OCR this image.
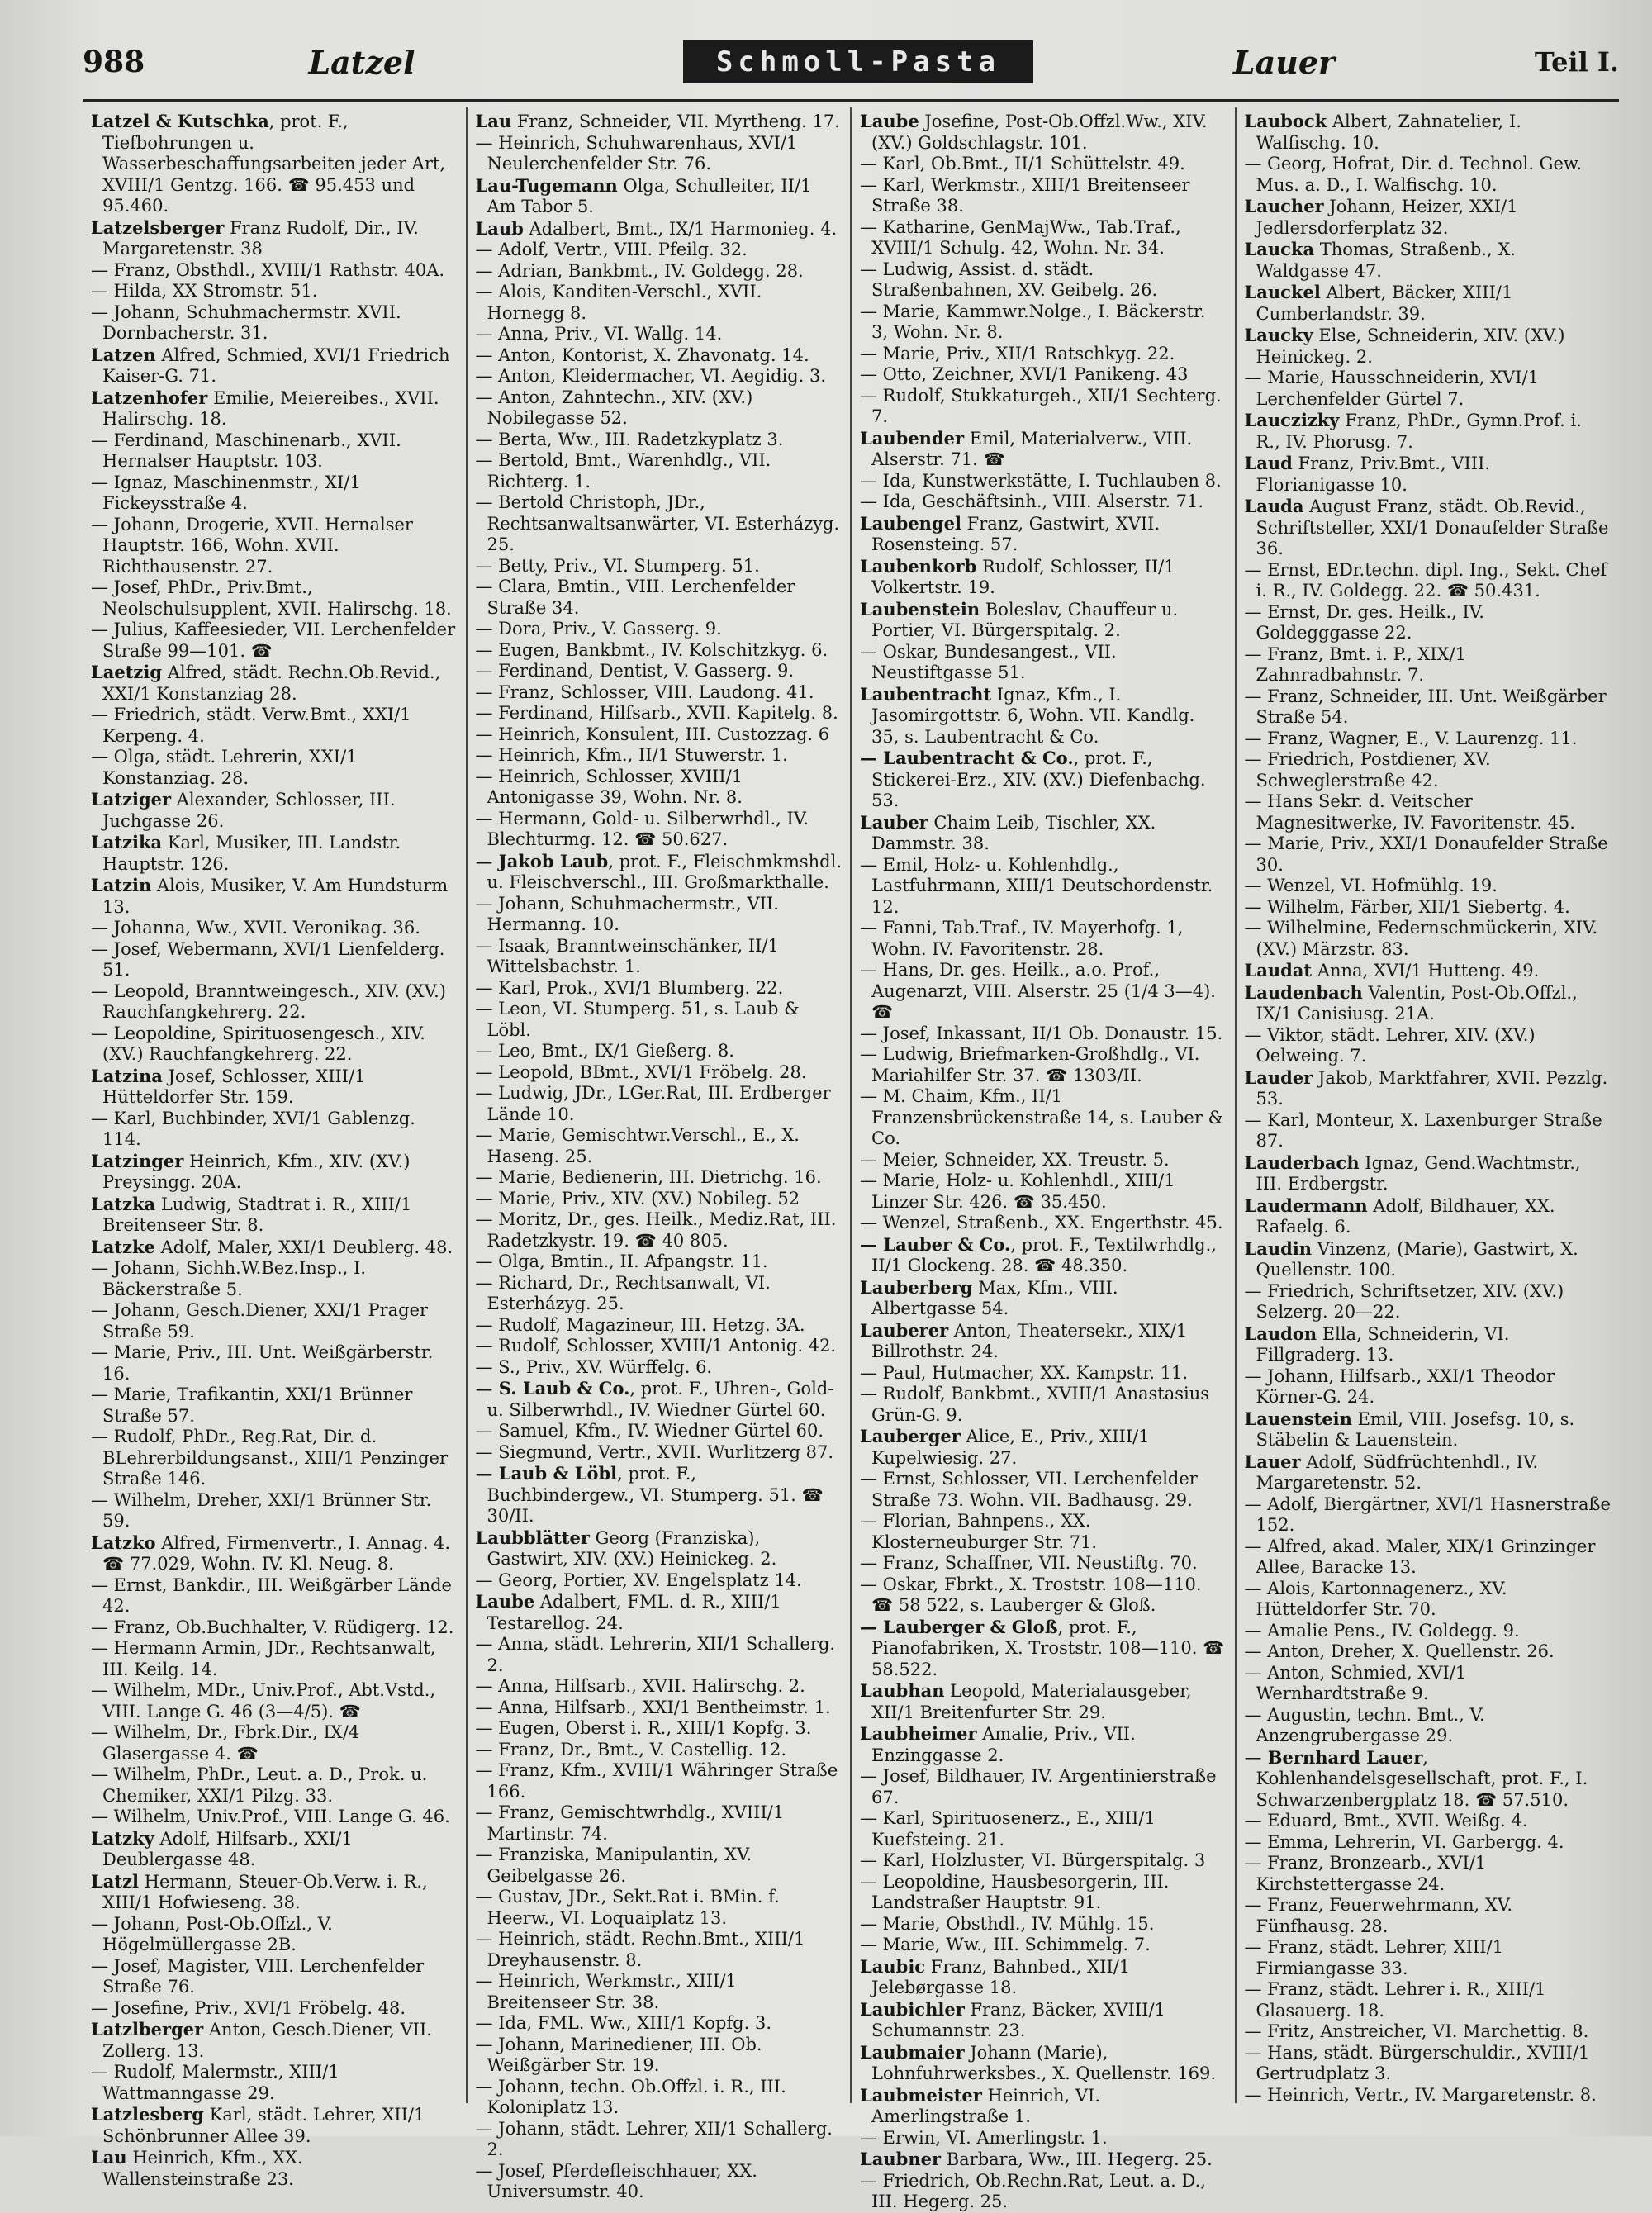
988	Latzel	Schmoll-Pasta	Lauer	Teil I.

Latzel & Kutschka, prot. F., Tiefbohrungen u. Wasserbeschaffungsarbeiten jeder Art, XVIII/1 Gentzg. 166. ☎ 95.453 und 95.460.

Latzelsberger Franz Rudolf, Dir., IV. Margaretenstr. 38

— Franz, Obsthdl., XVIII/1 Rathstr. 40A.

— Hilda, XX Stromstr. 51.

— Johann, Schuhmachermstr. XVII. Dornbacherstr. 31.

Latzen Alfred, Schmied, XVI/1 Friedrich Kaiser-G. 71.

Latzenhofer Emilie, Meiereibes., XVII. Halirschg. 18.

— Ferdinand, Maschinenarb., XVII. Hernalser Hauptstr. 103.

— Ignaz, Maschinenmstr., XI/1 Fickeysstraße 4.

— Johann, Drogerie, XVII. Hernalser Hauptstr. 166, Wohn. XVII. Richthausenstr. 27.

— Josef, PhDr., Priv.Bmt., Neolschulsupplent, XVII. Halirschg. 18.

— Julius, Kaffeesieder, VII. Lerchenfelder Straße 99—101. ☎

Laetzig Alfred, städt. Rechn.Ob.Revid., XXI/1 Konstanziag 28.

— Friedrich, städt. Verw.Bmt., XXI/1 Kerpeng. 4.

— Olga, städt. Lehrerin, XXI/1 Konstanziag. 28.

Latziger Alexander, Schlosser, III. Juchgasse 26.

Latzika Karl, Musiker, III. Landstr. Hauptstr. 126.

Latzin Alois, Musiker, V. Am Hundsturm 13.

— Johanna, Ww., XVII. Veronikag. 36.

— Josef, Webermann, XVI/1 Lienfelderg. 51.

— Leopold, Branntweingesch., XIV. (XV.) Rauchfangkehrerg. 22.

— Leopoldine, Spirituosengesch., XIV. (XV.) Rauchfangkehrerg. 22.

Latzina Josef, Schlosser, XIII/1 Hütteldorfer Str. 159.

— Karl, Buchbinder, XVI/1 Gablenzg. 114.

Latzinger Heinrich, Kfm., XIV. (XV.) Preysingg. 20A.

Latzka Ludwig, Stadtrat i. R., XIII/1 Breitenseer Str. 8.

Latzke Adolf, Maler, XXI/1 Deublerg. 48.

— Johann, Sichh.W.Bez.Insp., I. Bäckerstraße 5.

— Johann, Gesch.Diener, XXI/1 Prager Straße 59.

— Marie, Priv., III. Unt. Weißgärberstr. 16.

— Marie, Trafikantin, XXI/1 Brünner Straße 57.

— Rudolf, PhDr., Reg.Rat, Dir. d. BLehrerbildungsanst., XIII/1 Penzinger Straße 146.

— Wilhelm, Dreher, XXI/1 Brünner Str. 59.

Latzko Alfred, Firmenvertr., I. Annag. 4. ☎ 77.029, Wohn. IV. Kl. Neug. 8.

— Ernst, Bankdir., III. Weißgärber Lände 42.

— Franz, Ob.Buchhalter, V. Rüdigerg. 12.

— Hermann Armin, JDr., Rechtsanwalt, III. Keilg. 14.

— Wilhelm, MDr., Univ.Prof., Abt.Vstd., VIII. Lange G. 46 (3—4/5). ☎

— Wilhelm, Dr., Fbrk.Dir., IX/4 Glasergasse 4. ☎

— Wilhelm, PhDr., Leut. a. D., Prok. u. Chemiker, XXI/1 Pilzg. 33.

— Wilhelm, Univ.Prof., VIII. Lange G. 46.

Latzky Adolf, Hilfsarb., XXI/1 Deublergasse 48.

Latzl Hermann, Steuer-Ob.Verw. i. R., XIII/1 Hofwieseng. 38.

— Johann, Post-Ob.Offzl., V. Högelmüllergasse 2B.

— Josef, Magister, VIII. Lerchenfelder Straße 76.

— Josefine, Priv., XVI/1 Fröbelg. 48.

Latzlberger Anton, Gesch.Diener, VII. Zollerg. 13.

— Rudolf, Malermstr., XIII/1 Wattmanngasse 29.

Latzlesberg Karl, städt. Lehrer, XII/1 Schönbrunner Allee 39.

Lau Heinrich, Kfm., XX. Wallensteinstraße 23.

Lau Franz, Schneider, VII. Myrtheng. 17.

— Heinrich, Schuhwarenhaus, XVI/1 Neulerchenfelder Str. 76.

Lau-Tugemann Olga, Schulleiter, II/1 Am Tabor 5.

Laub Adalbert, Bmt., IX/1 Harmonieg. 4.

— Adolf, Vertr., VIII. Pfeilg. 32.

— Adrian, Bankbmt., IV. Goldegg. 28.

— Alois, Kanditen-Verschl., XVII. Hornegg 8.

— Anna, Priv., VI. Wallg. 14.

— Anton, Kontorist, X. Zhavonatg. 14.

— Anton, Kleidermacher, VI. Aegidig. 3.

— Anton, Zahntechn., XIV. (XV.) Nobilegasse 52.

— Berta, Ww., III. Radetzkyplatz 3.

— Bertold, Bmt., Warenhdlg., VII. Richterg. 1.

— Bertold Christoph, JDr., Rechtsanwaltsanwärter, VI. Esterházyg. 25.

— Betty, Priv., VI. Stumperg. 51.

— Clara, Bmtin., VIII. Lerchenfelder Straße 34.

— Dora, Priv., V. Gasserg. 9.

— Eugen, Bankbmt., IV. Kolschitzkyg. 6.

— Ferdinand, Dentist, V. Gasserg. 9.

— Franz, Schlosser, VIII. Laudong. 41.

— Ferdinand, Hilfsarb., XVII. Kapitelg. 8.

— Heinrich, Konsulent, III. Custozzag. 6

— Heinrich, Kfm., II/1 Stuwerstr. 1.

— Heinrich, Schlosser, XVIII/1 Antonigasse 39, Wohn. Nr. 8.

— Hermann, Gold- u. Silberwrhdl., IV. Blechturmg. 12. ☎ 50.627.

— Jakob Laub, prot. F., Fleischmkmshdl. u. Fleischverschl., III. Großmarkthalle.

— Johann, Schuhmachermstr., VII. Hermanng. 10.

— Isaak, Branntweinschänker, II/1 Wittelsbachstr. 1.

— Karl, Prok., XVI/1 Blumberg. 22.

— Leon, VI. Stumperg. 51, s. Laub & Löbl.

— Leo, Bmt., IX/1 Gießerg. 8.

— Leopold, BBmt., XVI/1 Fröbelg. 28.

— Ludwig, JDr., LGer.Rat, III. Erdberger Lände 10.

— Marie, Gemischtwr.Verschl., E., X. Haseng. 25.

— Marie, Bedienerin, III. Dietrichg. 16.

— Marie, Priv., XIV. (XV.) Nobileg. 52

— Moritz, Dr., ges. Heilk., Mediz.Rat, III. Radetzkystr. 19. ☎ 40 805.

— Olga, Bmtin., II. Afpangstr. 11.

— Richard, Dr., Rechtsanwalt, VI. Esterházyg. 25.

— Rudolf, Magazineur, III. Hetzg. 3A.

— Rudolf, Schlosser, XVIII/1 Antonig. 42.

— S., Priv., XV. Würffelg. 6.

— S. Laub & Co., prot. F., Uhren-, Gold- u. Silberwrhdl., IV. Wiedner Gürtel 60.

— Samuel, Kfm., IV. Wiedner Gürtel 60.

— Siegmund, Vertr., XVII. Wurlitzerg 87.

— Laub & Löbl, prot. F., Buchbindergew., VI. Stumperg. 51. ☎ 30/II.

Laubblätter Georg (Franziska), Gastwirt, XIV. (XV.) Heinickeg. 2.

— Georg, Portier, XV. Engelsplatz 14.

Laube Adalbert, FML. d. R., XIII/1 Testarellog. 24.

— Anna, städt. Lehrerin, XII/1 Schallerg. 2.

— Anna, Hilfsarb., XVII. Halirschg. 2.

— Anna, Hilfsarb., XXI/1 Bentheimstr. 1.

— Eugen, Oberst i. R., XIII/1 Kopfg. 3.

— Franz, Dr., Bmt., V. Castellig. 12.

— Franz, Kfm., XVIII/1 Währinger Straße 166.

— Franz, Gemischtwrhdlg., XVIII/1 Martinstr. 74.

— Franziska, Manipulantin, XV. Geibelgasse 26.

— Gustav, JDr., Sekt.Rat i. BMin. f. Heerw., VI. Loquaiplatz 13.

— Heinrich, städt. Rechn.Bmt., XIII/1 Dreyhausenstr. 8.

— Heinrich, Werkmstr., XIII/1 Breitenseer Str. 38.

— Ida, FML. Ww., XIII/1 Kopfg. 3.

— Johann, Marinediener, III. Ob. Weißgärber Str. 19.

— Johann, techn. Ob.Offzl. i. R., III. Koloniplatz 13.

— Johann, städt. Lehrer, XII/1 Schallerg. 2.

— Josef, Pferdefleischhauer, XX. Universumstr. 40.

Laube Josefine, Post-Ob.Offzl.Ww., XIV. (XV.) Goldschlagstr. 101.

— Karl, Ob.Bmt., II/1 Schüttelstr. 49.

— Karl, Werkmstr., XIII/1 Breitenseer Straße 38.

— Katharine, GenMajWw., Tab.Traf., XVIII/1 Schulg. 42, Wohn. Nr. 34.

— Ludwig, Assist. d. städt. Straßenbahnen, XV. Geibelg. 26.

— Marie, Kammwr.Nolge., I. Bäckerstr. 3, Wohn. Nr. 8.

— Marie, Priv., XII/1 Ratschkyg. 22.

— Otto, Zeichner, XVI/1 Panikeng. 43

— Rudolf, Stukkaturgeh., XII/1 Sechterg. 7.

Laubender Emil, Materialverw., VIII. Alserstr. 71. ☎

— Ida, Kunstwerkstätte, I. Tuchlauben 8.

— Ida, Geschäftsinh., VIII. Alserstr. 71.

Laubengel Franz, Gastwirt, XVII. Rosensteing. 57.

Laubenkorb Rudolf, Schlosser, II/1 Volkertstr. 19.

Laubenstein Boleslav, Chauffeur u. Portier, VI. Bürgerspitalg. 2.

— Oskar, Bundesangest., VII. Neustiftgasse 51.

Laubentracht Ignaz, Kfm., I. Jasomirgottstr. 6, Wohn. VII. Kandlg. 35, s. Laubentracht & Co.

— Laubentracht & Co., prot. F., Stickerei-Erz., XIV. (XV.) Diefenbachg. 53.

Lauber Chaim Leib, Tischler, XX. Dammstr. 38.

— Emil, Holz- u. Kohlenhdlg., Lastfuhrmann, XIII/1 Deutschordenstr. 12.

— Fanni, Tab.Traf., IV. Mayerhofg. 1, Wohn. IV. Favoritenstr. 28.

— Hans, Dr. ges. Heilk., a.o. Prof., Augenarzt, VIII. Alserstr. 25 (1/4 3—4). ☎

— Josef, Inkassant, II/1 Ob. Donaustr. 15.

— Ludwig, Briefmarken-Großhdlg., VI. Mariahilfer Str. 37. ☎ 1303/II.

— M. Chaim, Kfm., II/1 Franzensbrückenstraße 14, s. Lauber & Co.

— Meier, Schneider, XX. Treustr. 5.

— Marie, Holz- u. Kohlenhdl., XIII/1 Linzer Str. 426. ☎ 35.450.

— Wenzel, Straßenb., XX. Engerthstr. 45.

— Lauber & Co., prot. F., Textilwrhdlg., II/1 Glockeng. 28. ☎ 48.350.

Lauberberg Max, Kfm., VIII. Albertgasse 54.

Lauberer Anton, Theatersekr., XIX/1 Billrothstr. 24.

— Paul, Hutmacher, XX. Kampstr. 11.

— Rudolf, Bankbmt., XVIII/1 Anastasius Grün-G. 9.

Lauberger Alice, E., Priv., XIII/1 Kupelwiesig. 27.

— Ernst, Schlosser, VII. Lerchenfelder Straße 73. Wohn. VII. Badhausg. 29.

— Florian, Bahnpens., XX. Klosterneuburger Str. 71.

— Franz, Schaffner, VII. Neustiftg. 70.

— Oskar, Fbrkt., X. Troststr. 108—110. ☎ 58 522, s. Lauberger & Gloß.

— Lauberger & Gloß, prot. F., Pianofabriken, X. Troststr. 108—110. ☎ 58.522.

Laubhan Leopold, Materialausgeber, XII/1 Breitenfurter Str. 29.

Laubheimer Amalie, Priv., VII. Enzinggasse 2.

— Josef, Bildhauer, IV. Argentinierstraße 67.

— Karl, Spirituosenerz., E., XIII/1 Kuefsteing. 21.

— Karl, Holzluster, VI. Bürgerspitalg. 3

— Leopoldine, Hausbesorgerin, III. Landstraßer Hauptstr. 91.

— Marie, Obsthdl., IV. Mühlg. 15.

— Marie, Ww., III. Schimmelg. 7.

Laubic Franz, Bahnbed., XII/1 Jelebørgasse 18.

Laubichler Franz, Bäcker, XVIII/1 Schumannstr. 23.

Laubmaier Johann (Marie), Lohnfuhrwerksbes., X. Quellenstr. 169.

Laubmeister Heinrich, VI. Amerlingstraße 1.

— Erwin, VI. Amerlingstr. 1.

Laubner Barbara, Ww., III. Hegerg. 25.

— Friedrich, Ob.Rechn.Rat, Leut. a. D., III. Hegerg. 25.

Laubock Albert, Zahnatelier, I. Walfischg. 10.

— Georg, Hofrat, Dir. d. Technol. Gew. Mus. a. D., I. Walfischg. 10.

Laucher Johann, Heizer, XXI/1 Jedlersdorferplatz 32.

Laucka Thomas, Straßenb., X. Waldgasse 47.

Lauckel Albert, Bäcker, XIII/1 Cumberlandstr. 39.

Laucky Else, Schneiderin, XIV. (XV.) Heinickeg. 2.

— Marie, Hausschneiderin, XVI/1 Lerchenfelder Gürtel 7.

Lauczizky Franz, PhDr., Gymn.Prof. i. R., IV. Phorusg. 7.

Laud Franz, Priv.Bmt., VIII. Florianigasse 10.

Lauda August Franz, städt. Ob.Revid., Schriftsteller, XXI/1 Donaufelder Straße 36.

— Ernst, EDr.techn. dipl. Ing., Sekt. Chef i. R., IV. Goldegg. 22. ☎ 50.431.

— Ernst, Dr. ges. Heilk., IV. Goldegggasse 22.

— Franz, Bmt. i. P., XIX/1 Zahnradbahnstr. 7.

— Franz, Schneider, III. Unt. Weißgärber Straße 54.

— Franz, Wagner, E., V. Laurenzg. 11.

— Friedrich, Postdiener, XV. Schweglerstraße 42.

— Hans Sekr. d. Veitscher Magnesitwerke, IV. Favoritenstr. 45.

— Marie, Priv., XXI/1 Donaufelder Straße 30.

— Wenzel, VI. Hofmühlg. 19.

— Wilhelm, Färber, XII/1 Siebertg. 4.

— Wilhelmine, Federnschmückerin, XIV. (XV.) Märzstr. 83.

Laudat Anna, XVI/1 Hutteng. 49.

Laudenbach Valentin, Post-Ob.Offzl., IX/1 Canisiusg. 21A.

— Viktor, städt. Lehrer, XIV. (XV.) Oelweing. 7.

Lauder Jakob, Marktfahrer, XVII. Pezzlg. 53.

— Karl, Monteur, X. Laxenburger Straße 87.

Lauderbach Ignaz, Gend.Wachtmstr., III. Erdbergstr.

Laudermann Adolf, Bildhauer, XX. Rafaelg. 6.

Laudin Vinzenz, (Marie), Gastwirt, X. Quellenstr. 100.

— Friedrich, Schriftsetzer, XIV. (XV.) Selzerg. 20—22.

Laudon Ella, Schneiderin, VI. Fillgraderg. 13.

— Johann, Hilfsarb., XXI/1 Theodor Körner-G. 24.

Lauenstein Emil, VIII. Josefsg. 10, s. Stäbelin & Lauenstein.

Lauer Adolf, Südfrüchtenhdl., IV. Margaretenstr. 52.

— Adolf, Biergärtner, XVI/1 Hasnerstraße 152.

— Alfred, akad. Maler, XIX/1 Grinzinger Allee, Baracke 13.

— Alois, Kartonnagenerz., XV. Hütteldorfer Str. 70.

— Amalie Pens., IV. Goldegg. 9.

— Anton, Dreher, X. Quellenstr. 26.

— Anton, Schmied, XVI/1 Wernhardtstraße 9.

— Augustin, techn. Bmt., V. Anzengrubergasse 29.

— Bernhard Lauer, Kohlenhandelsgesellschaft, prot. F., I. Schwarzenbergplatz 18. ☎ 57.510.

— Eduard, Bmt., XVII. Weißg. 4.

— Emma, Lehrerin, VI. Garbergg. 4.

— Franz, Bronzearb., XVI/1 Kirchstettergasse 24.

— Franz, Feuerwehrmann, XV. Fünfhausg. 28.

— Franz, städt. Lehrer, XIII/1 Firmiangasse 33.

— Franz, städt. Lehrer i. R., XIII/1 Glasauerg. 18.

— Fritz, Anstreicher, VI. Marchettig. 8.

— Hans, städt. Bürgerschuldir., XVIII/1 Gertrudplatz 3.

— Heinrich, Vertr., IV. Margaretenstr. 8.
